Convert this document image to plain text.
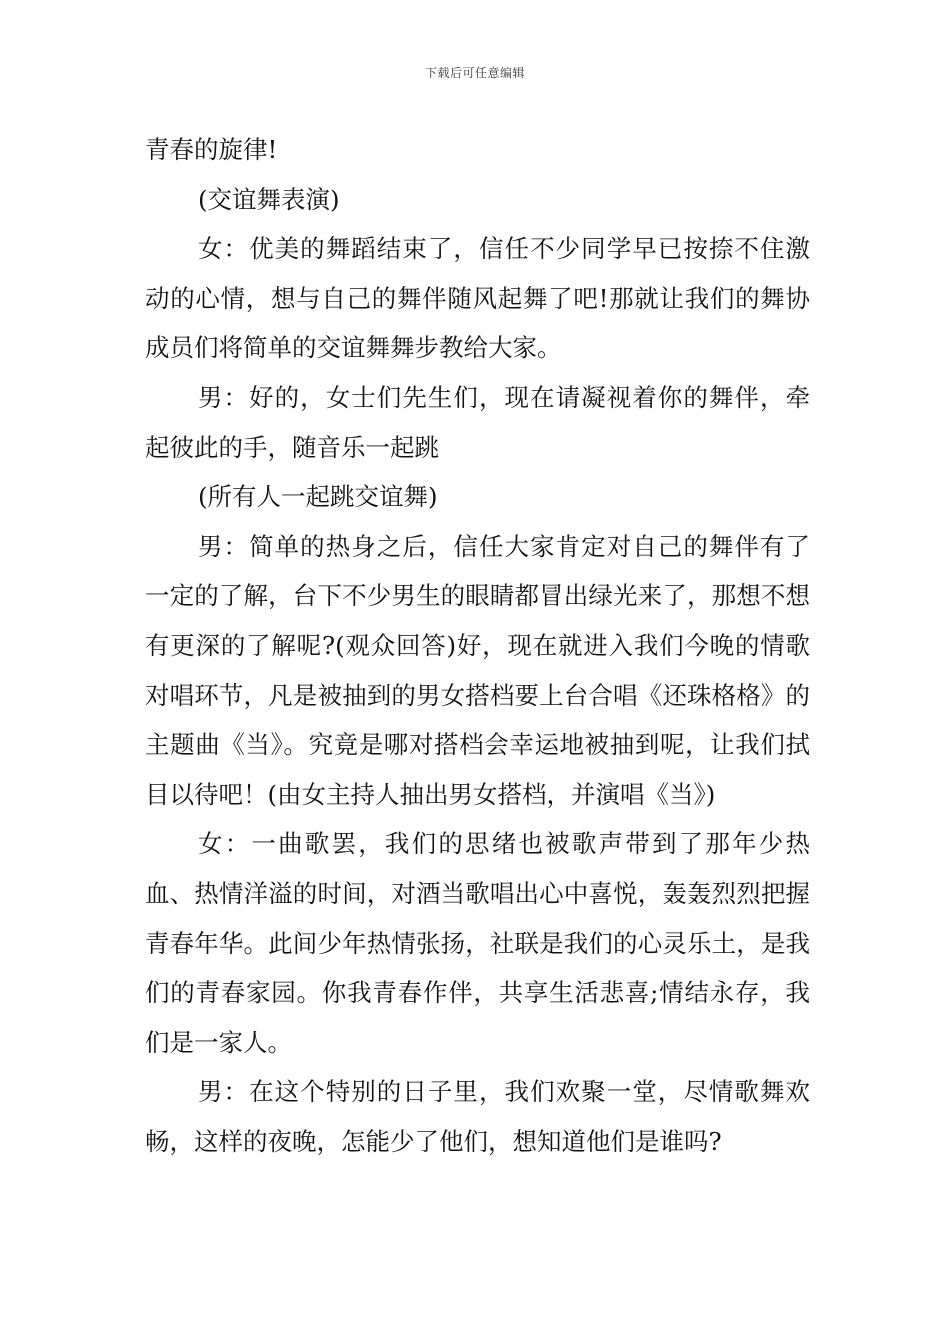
下载后可任意编辑

青春的旋律!

(交谊舞表演)

女：优美的舞蹈结束了，信任不少同学早已按捺不住激动的心情，想与自己的舞伴随风起舞了吧!那就让我们的舞协成员们将简单的交谊舞舞步教给大家。

男：好的，女士们先生们，现在请凝视着你的舞伴，牵起彼此的手，随音乐一起跳

(所有人一起跳交谊舞)

男：简单的热身之后，信任大家肯定对自己的舞伴有了一定的了解，台下不少男生的眼睛都冒出绿光来了，那想不想有更深的了解呢?(观众回答)好，现在就进入我们今晚的情歌对唱环节，凡是被抽到的男女搭档要上台合唱《还珠格格》的主题曲《当》。究竟是哪对搭档会幸运地被抽到呢，让我们拭目以待吧！(由女主持人抽出男女搭档，并演唱《当》)

女：一曲歌罢，我们的思绪也被歌声带到了那年少热血、热情洋溢的时间，对酒当歌唱出心中喜悦，轰轰烈烈把握青春年华。此间少年热情张扬，社联是我们的心灵乐土，是我们的青春家园。你我青春作伴，共享生活悲喜;情结永存，我们是一家人。

男：在这个特别的日子里，我们欢聚一堂，尽情歌舞欢畅，这样的夜晚，怎能少了他们，想知道他们是谁吗?
